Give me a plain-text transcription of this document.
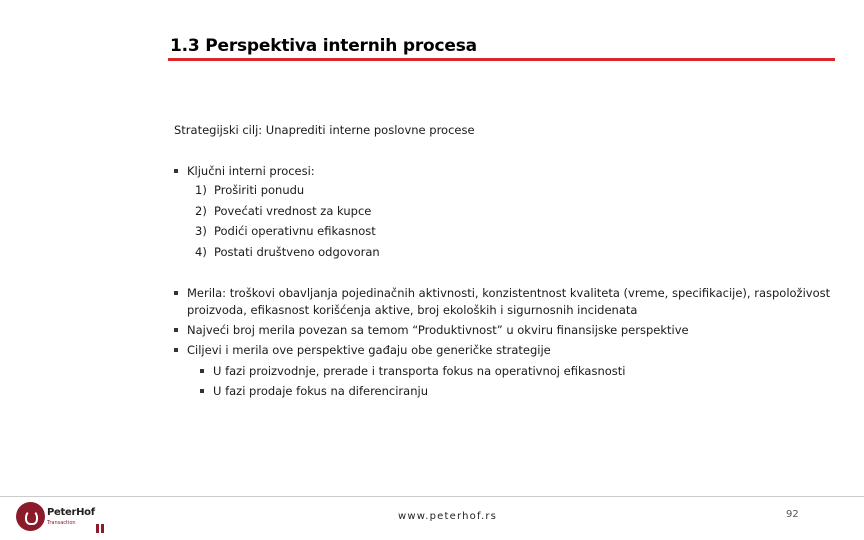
1.3 Perspektiva internih procesa
Strategijski cilj: Unaprediti interne poslovne procese
Ključni interni procesi:
1) Proširiti ponudu
2) Povećati vrednost za kupce
3) Podići operativnu efikasnost
4) Postati društveno odgovoran
Merila: troškovi obavljanja pojedinačnih aktivnosti, konzistentnost kvaliteta (vreme, specifikacije), raspoloživost
proizvoda, efikasnost korišćenja aktive, broj ekoloških i sigurnosnih incidenata
Najveći broj merila povezan sa temom “Produktivnost” u okviru finansijske perspektive
Ciljevi i merila ove perspektive gađaju obe generičke strategije
U fazi proizvodnje, prerade i transporta fokus na operativnoj efikasnosti
U fazi prodaje fokus na diferenciranju
PeterHof
Transaction
www.peterhof.rs	92
